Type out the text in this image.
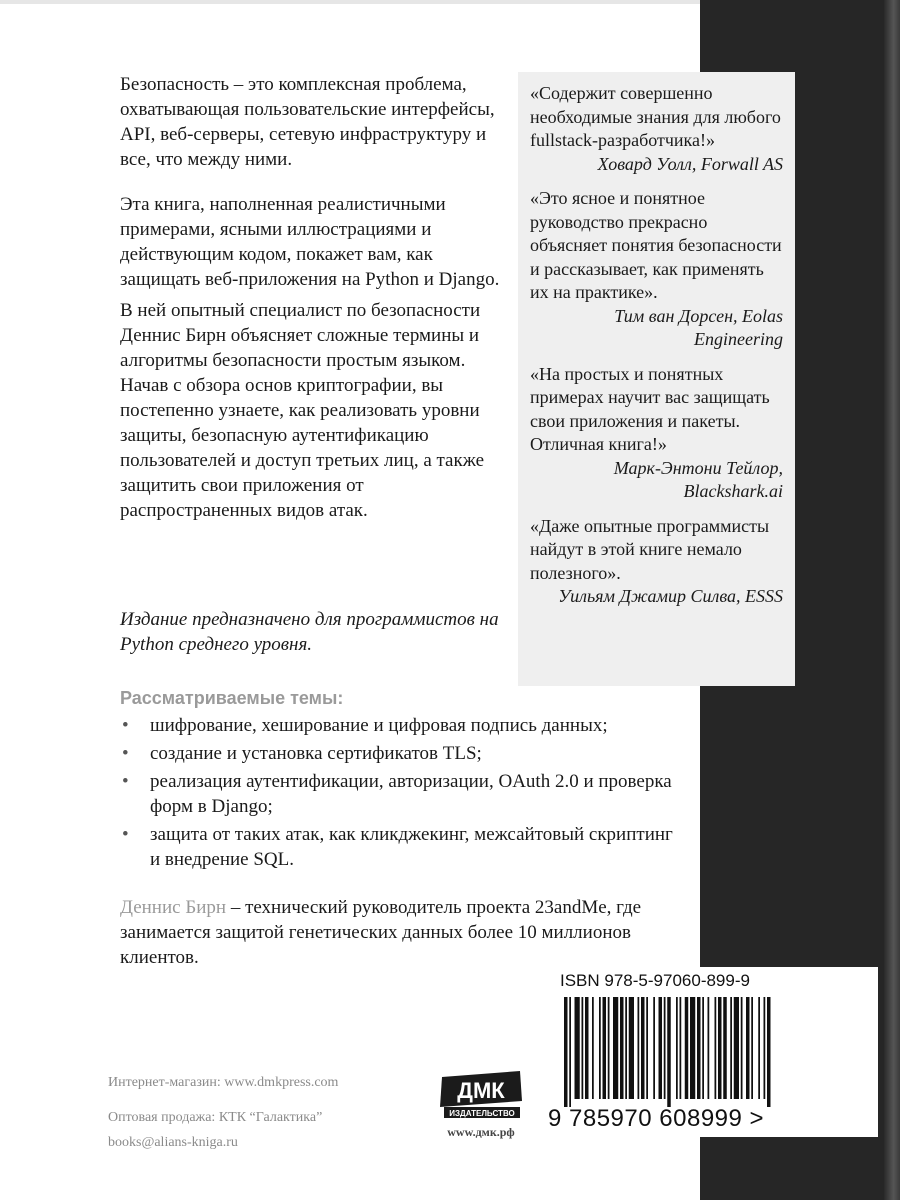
Безопасность – это комплексная проблема, охватывающая пользовательские интерфейсы, API, веб-серверы, сетевую инфраструктуру и все, что между ними.

Эта книга, наполненная реалистичными примерами, ясными иллюстрациями и действующим кодом, покажет вам, как защищать веб-приложения на Python и Django.

В ней опытный специалист по безопасности Деннис Бирн объясняет сложные термины и алгоритмы безопасности простым языком. Начав с обзора основ криптографии, вы постепенно узнаете, как реализовать уровни защиты, безопасную аутентификацию пользователей и доступ третьих лиц, а также защитить свои приложения от распространенных видов атак.

Издание предназначено для программистов на Python среднего уровня.

«Содержит совершенно необходимые знания для любого fullstack-разработчика!»
Ховард Уолл, Forwall AS
«Это ясное и понятное руководство прекрасно объясняет понятия безопасности и рассказывает, как применять их на практике».
Тим ван Дорсен, Eolas Engineering
«На простых и понятных примерах научит вас защищать свои приложения и пакеты. Отличная книга!»
Марк-Энтони Тейлор, Blackshark.ai
«Даже опытные программисты найдут в этой книге немало полезного».
Уильям Джамир Силва, ESSS
Рассматриваемые темы:
• шифрование, хеширование и цифровая подпись данных;
• создание и установка сертификатов TLS;
• реализация аутентификации, авторизации, OAuth 2.0 и проверка форм в Django;
• защита от таких атак, как кликджекинг, межсайтовый скриптинг и внедрение SQL.
Деннис Бирн – технический руководитель проекта 23andMe, где занимается защитой генетических данных более 10 миллионов клиентов.
ISBN 978-5-97060-899-9
9 785970 608999 >
Интернет-магазин: www.dmkpress.com
Оптовая продажа: КТК “Галактика”
books@alians-kniga.ru
ДМК
ИЗДАТЕЛЬСТВО
www.дмк.рф
